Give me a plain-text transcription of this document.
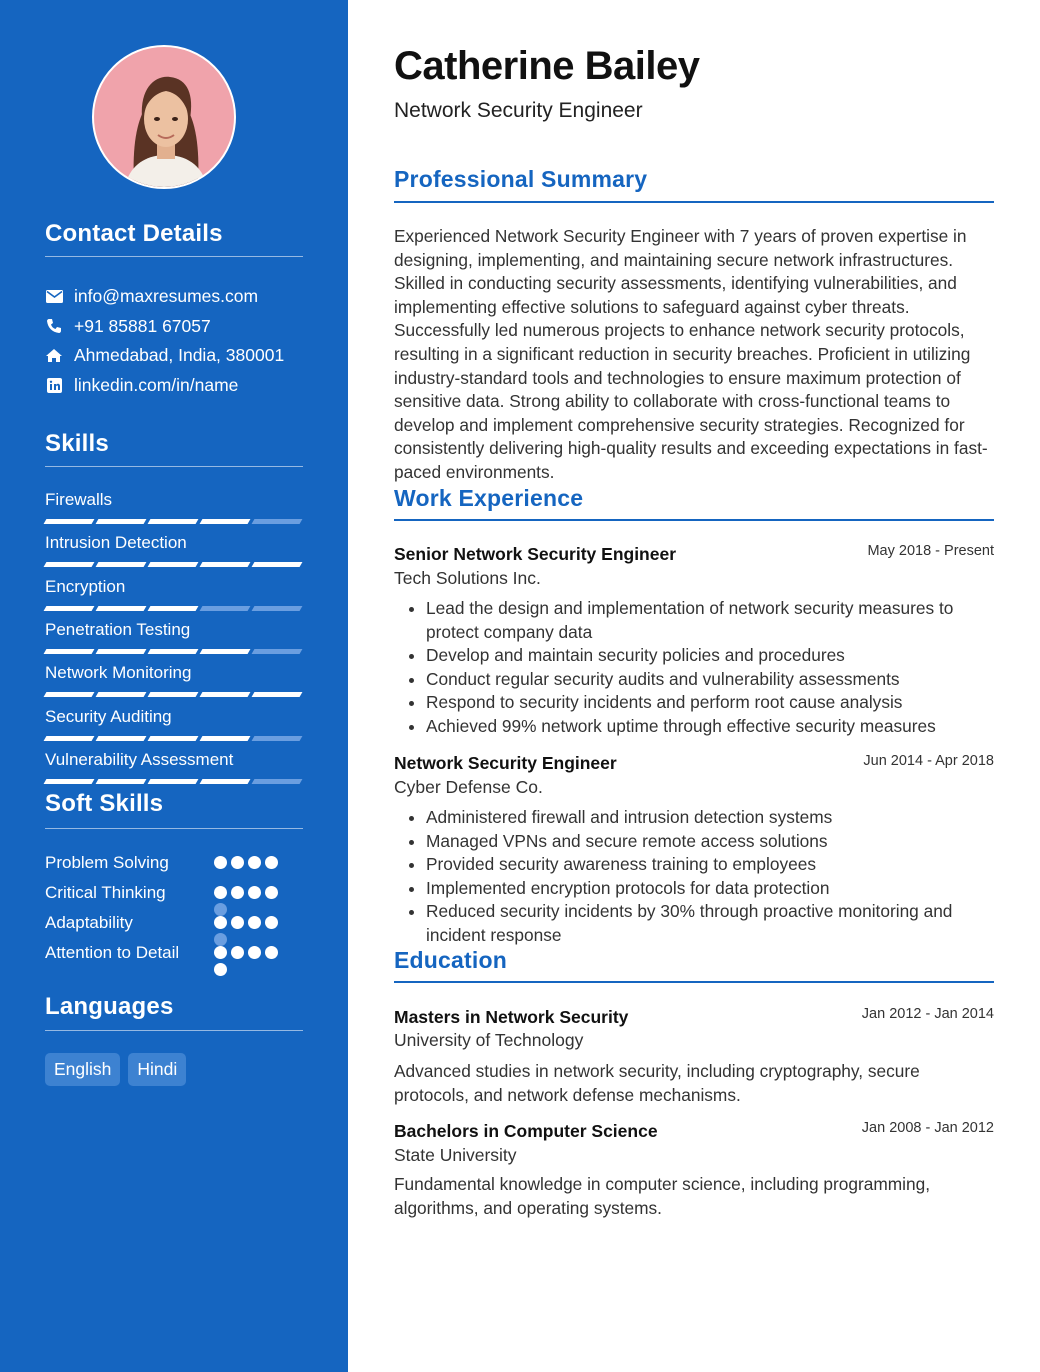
Contact Details
info@maxresumes.com
+91 85881 67057
Ahmedabad, India, 380001
linkedin.com/in/name
Skills
Firewalls
Intrusion Detection
Encryption
Penetration Testing
Network Monitoring
Security Auditing
Vulnerability Assessment
Soft Skills
Problem Solving
Critical Thinking
Adaptability
Attention to Detail
Languages
English	Hindi
Catherine Bailey
Network Security Engineer
Professional Summary
Experienced Network Security Engineer with 7 years of proven expertise in designing, implementing, and maintaining secure network infrastructures. Skilled in conducting security assessments, identifying vulnerabilities, and implementing effective solutions to safeguard against cyber threats. Successfully led numerous projects to enhance network security protocols, resulting in a significant reduction in security breaches. Proficient in utilizing industry-standard tools and technologies to ensure maximum protection of sensitive data. Strong ability to collaborate with cross-functional teams to develop and implement comprehensive security strategies. Recognized for consistently delivering high-quality results and exceeding expectations in fast-paced environments.
Work Experience
Senior Network Security Engineer	May 2018 - Present
Tech Solutions Inc.
Lead the design and implementation of network security measures to protect company data
Develop and maintain security policies and procedures
Conduct regular security audits and vulnerability assessments
Respond to security incidents and perform root cause analysis
Achieved 99% network uptime through effective security measures
Network Security Engineer	Jun 2014 - Apr 2018
Cyber Defense Co.
Administered firewall and intrusion detection systems
Managed VPNs and secure remote access solutions
Provided security awareness training to employees
Implemented encryption protocols for data protection
Reduced security incidents by 30% through proactive monitoring and incident response
Education
Masters in Network Security	Jan 2012 - Jan 2014
University of Technology
Advanced studies in network security, including cryptography, secure protocols, and network defense mechanisms.
Bachelors in Computer Science	Jan 2008 - Jan 2012
State University
Fundamental knowledge in computer science, including programming, algorithms, and operating systems.
